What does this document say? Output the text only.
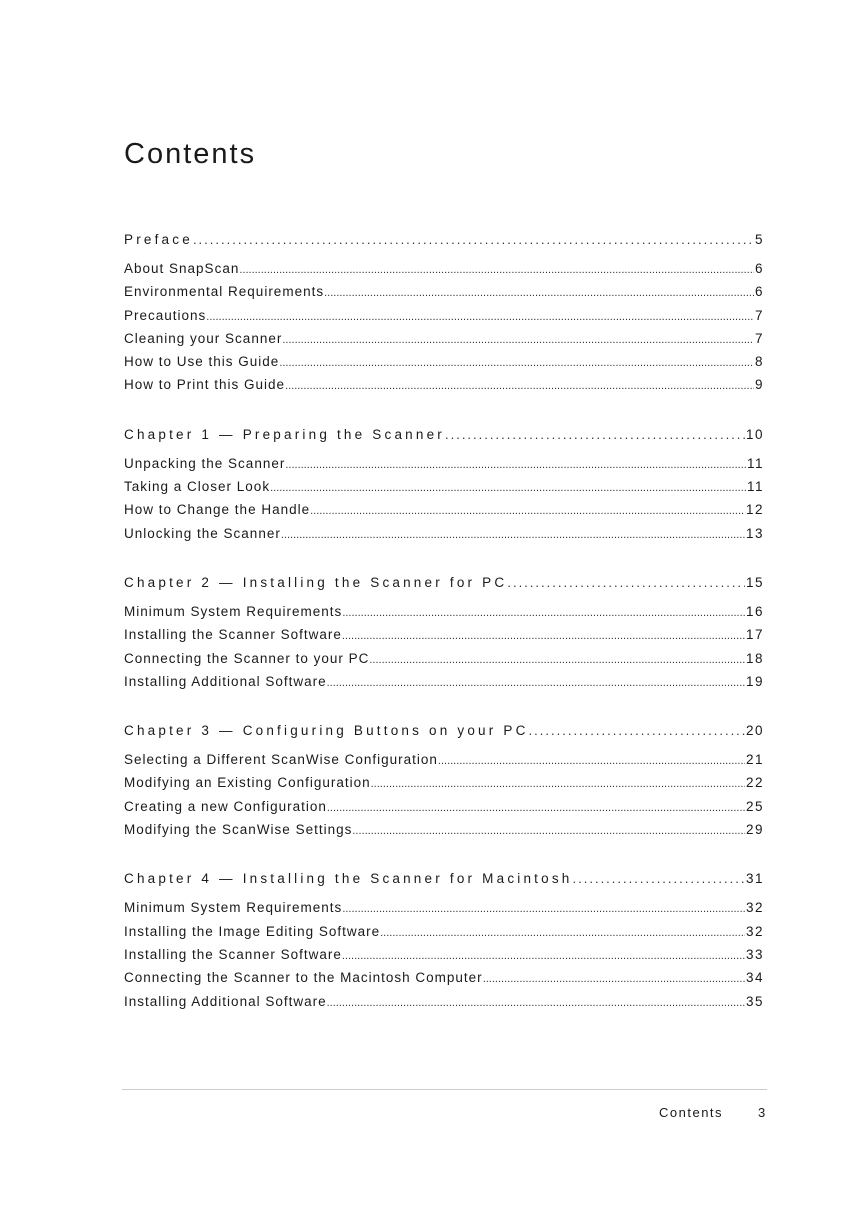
Contents
Preface .....	5
About SnapScan .....	6
Environmental Requirements .....	6
Precautions .....	7
Cleaning your Scanner .....	7
How to Use this Guide .....	8
How to Print this Guide .....	9
Chapter 1 — Preparing the Scanner .....	10
Unpacking the Scanner .....	11
Taking a Closer Look .....	11
How to Change the Handle .....	12
Unlocking the Scanner .....	13
Chapter 2 — Installing the Scanner for PC .....	15
Minimum System Requirements .....	16
Installing the Scanner Software .....	17
Connecting the Scanner to your PC .....	18
Installing Additional Software .....	19
Chapter 3 — Configuring Buttons on your PC .....	20
Selecting a Different ScanWise Configuration .....	21
Modifying an Existing Configuration .....	22
Creating a new Configuration .....	25
Modifying the ScanWise Settings .....	29
Chapter 4 — Installing the Scanner for Macintosh .....	31
Minimum System Requirements .....	32
Installing the Image Editing Software .....	32
Installing the Scanner Software .....	33
Connecting the Scanner to the Macintosh Computer .....	34
Installing Additional Software .....	35
Contents	3
